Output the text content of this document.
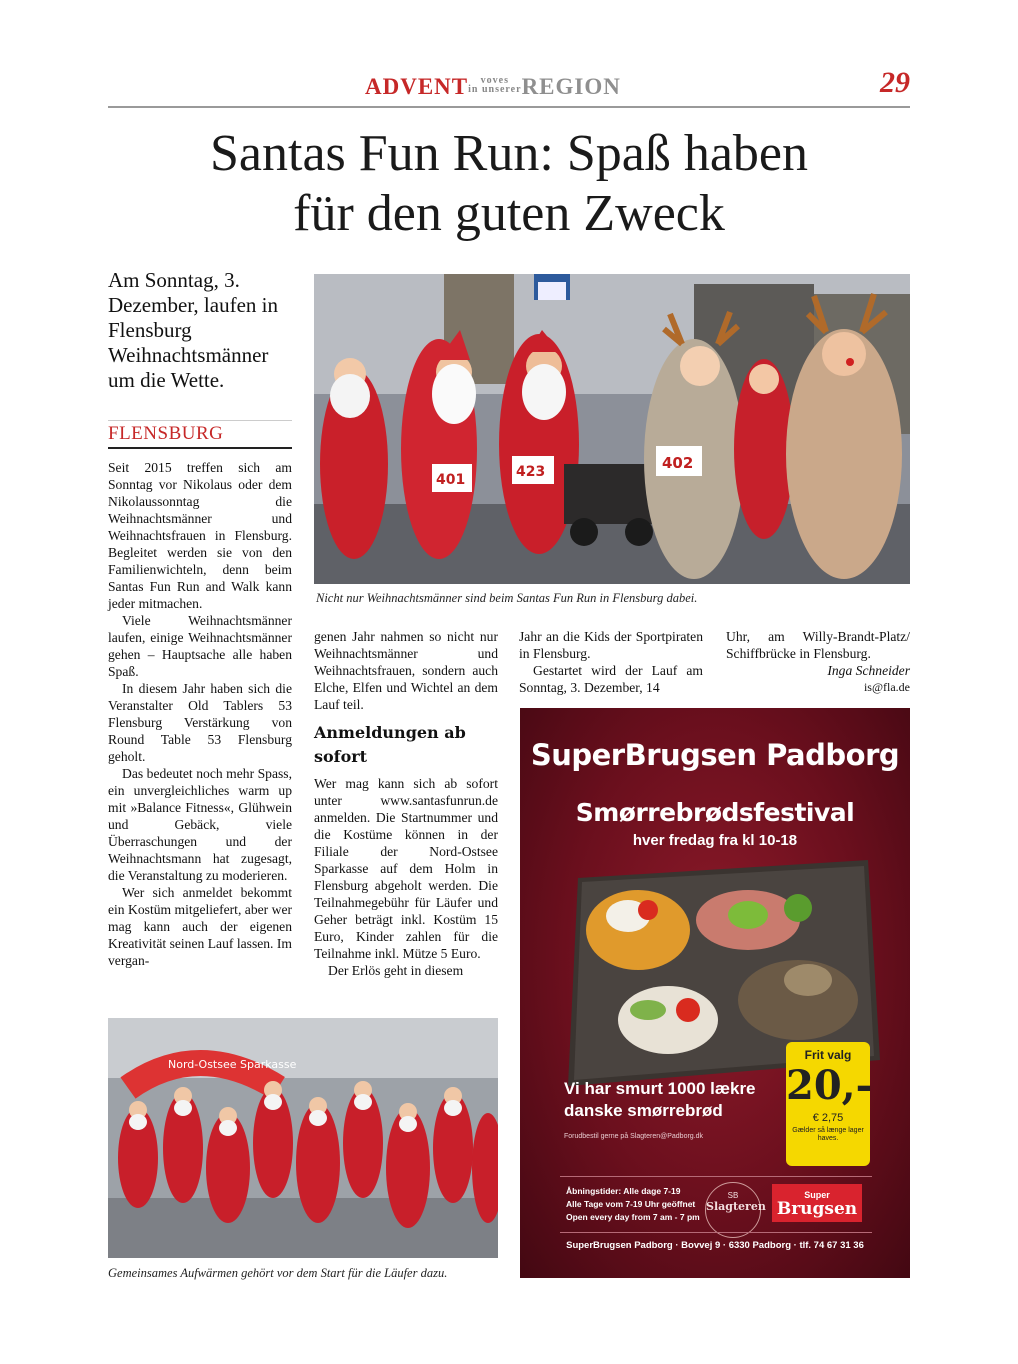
ADVENT voves
in unsererREGION	29
Santas Fun Run: Spaß haben
für den guten Zweck
Am Sonntag, 3. Dezember, laufen in Flensburg Weihnachtsmänner um die Wette.
FLENSBURG

Seit 2015 treffen sich am Sonntag vor Nikolaus oder dem Nikolaussonntag die Weihnachtsmänner und Weihnachtsfrauen in Flensburg. Begleitet werden sie von den Familienwichteln, denn beim Santas Fun Run and Walk kann jeder mitmachen.

Viele Weihnachtsmänner laufen, einige Weihnachtsmänner gehen – Hauptsache alle haben Spaß.

In diesem Jahr haben sich die Veranstalter Old Tablers 53 Flensburg Verstärkung von Round Table 53 Flensburg geholt.

Das bedeutet noch mehr Spass, ein unvergleichliches warm up mit »Balance Fitness«, Glühwein und Gebäck, viele Überraschungen und der Weihnachtsmann hat zugesagt, die Veranstaltung zu moderieren.

Wer sich anmeldet bekommt ein Kostüm mitgeliefert, aber wer mag kann auch der eigenen Kreativität seinen Lauf lassen. Im vergan-

401	423	402
Nicht nur Weihnachtsmänner sind beim Santas Fun Run in Flensburg dabei.

genen Jahr nahmen so nicht nur Weihnachtsmänner und Weihnachtsfrauen, sondern auch Elche, Elfen und Wichtel an dem Lauf teil.

Anmeldungen ab sofort

Wer mag kann sich ab sofort unter www.santasfunrun.de anmelden. Die Startnummer und die Kostüme können in der Filiale der Nord-Ostsee Sparkasse auf dem Holm in Flensburg abgeholt werden. Die Teilnahmegebühr für Läufer und Geher beträgt inkl. Kostüm 15 Euro, Kinder zahlen für die Teilnahme inkl. Mütze 5 Euro.

Der Erlös geht in diesem

Jahr an die Kids der Sportpiraten in Flensburg.

Gestartet wird der Lauf am Sonntag, 3. Dezember, 14

Uhr, am Willy-Brandt-Platz/ Schiffbrücke in Flensburg.

Inga Schneider
is@fla.de
Nord-Ostsee Sparkasse
Gemeinsames Aufwärmen gehört vor dem Start für die Läufer dazu.
SuperBrugsen Padborg
Smørrebrødsfestival
hver fredag fra kl 10-18
Vi har smurt 1000 lækre danske smørrebrød
Forudbestil gerne på Slagteren@Padborg.dk
Frit valg
20,-
€ 2,75
Gælder så længe lager haves.
Åbningstider: Alle dage 7-19
Alle Tage vom 7-19 Uhr geöffnet
Open every day from 7 am - 7 pm
SB
Slagteren
Super
Brugsen
SuperBrugsen Padborg · Bovvej 9 · 6330 Padborg · tlf. 74 67 31 36
